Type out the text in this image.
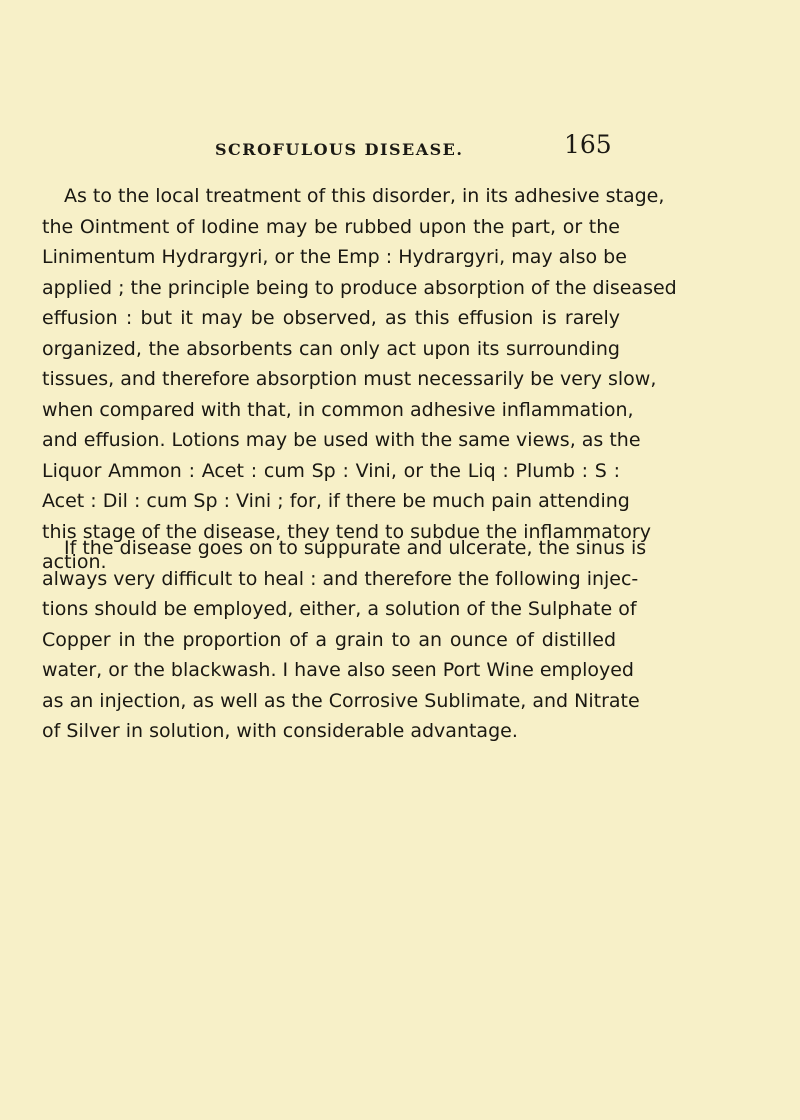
SCROFULOUS DISEASE.	165
As to the local treatment of this disorder, in its adhesive stage,
the Ointment of Iodine may be rubbed upon the part, or the
Linimentum Hydrargyri, or the Emp : Hydrargyri, may also be
applied ; the principle being to produce absorption of the diseased
effusion : but it may be observed, as this effusion is rarely
organized, the absorbents can only act upon its surrounding
tissues, and therefore absorption must necessarily be very slow,
when compared with that, in common adhesive inflammation,
and effusion. Lotions may be used with the same views, as the
Liquor Ammon : Acet : cum Sp : Vini, or the Liq : Plumb : S :
Acet : Dil : cum Sp : Vini ; for, if there be much pain attending
this stage of the disease, they tend to subdue the inflammatory
action.
If the disease goes on to suppurate and ulcerate, the sinus is
always very difficult to heal : and therefore the following injec-
tions should be employed, either, a solution of the Sulphate of
Copper in the proportion of a grain to an ounce of distilled
water, or the blackwash. I have also seen Port Wine employed
as an injection, as well as the Corrosive Sublimate, and Nitrate
of Silver in solution, with considerable advantage.
